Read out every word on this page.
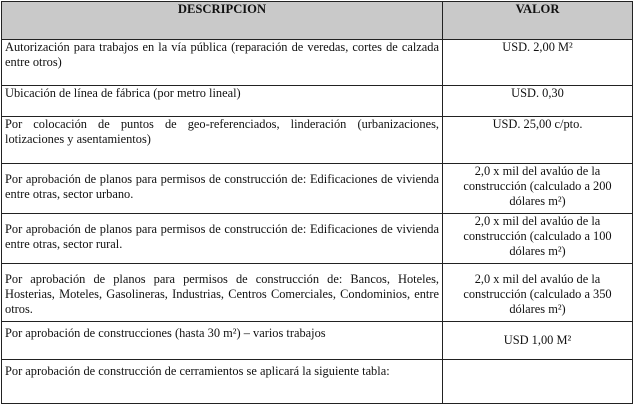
DESCRIPCION	VALOR
Autorización para trabajos en la vía pública (reparación de veredas, cortes de calzada entre otros)	USD. 2,00 M²
Ubicación de línea de fábrica (por metro lineal)	USD. 0,30
Por colocación de puntos de geo-referenciados, linderación (urbanizaciones, lotizaciones y asentamientos)	USD. 25,00 c/pto.
Por aprobación de planos para permisos de construcción de: Edificaciones de vivienda entre otras, sector urbano.	2,0 x mil del avalúo de la construcción (calculado a 200 dólares m²)
Por aprobación de planos para permisos de construcción de: Edificaciones de vivienda entre otras, sector rural.	2,0 x mil del avalúo de la construcción (calculado a 100 dólares m²)
Por aprobación de planos para permisos de construcción de: Bancos, Hoteles, Hosterias, Moteles, Gasolineras, Industrias, Centros Comerciales, Condominios, entre otros.	2,0 x mil del avalúo de la construcción (calculado a 350 dólares m²)
Por aprobación de construcciones (hasta 30 m²) – varios trabajos	USD 1,00 M²
Por aprobación de construcción de cerramientos se aplicará la siguiente tabla:	
